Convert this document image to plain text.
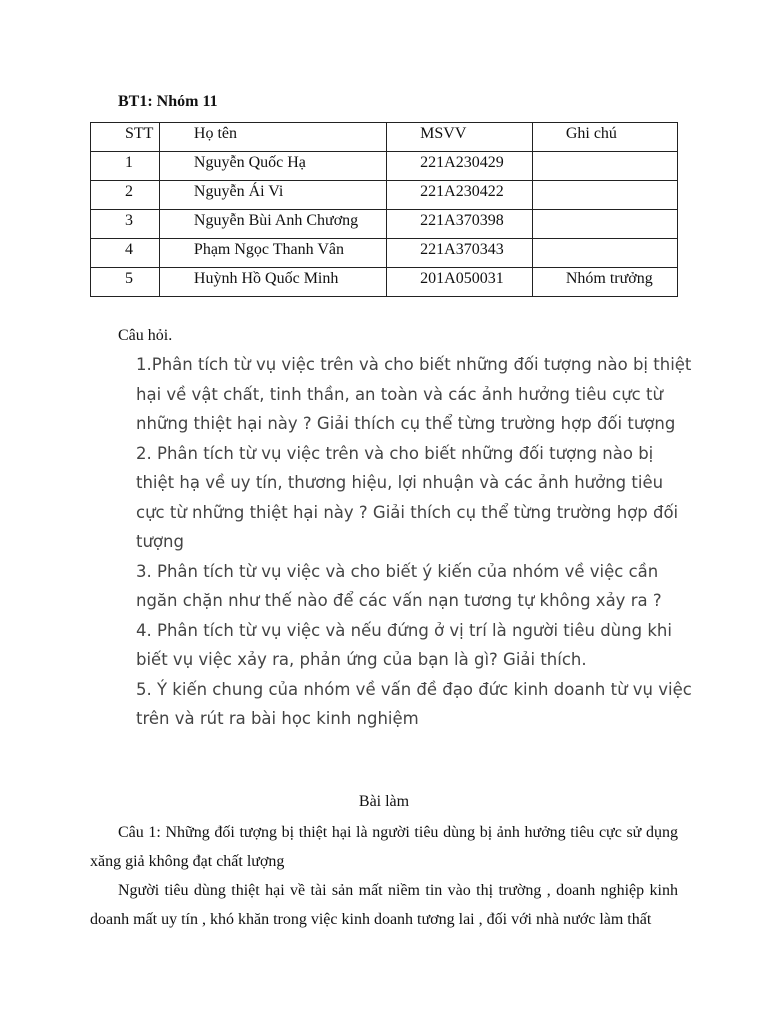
BT1: Nhóm 11
STT	Họ tên	MSVV	Ghi chú

1	Nguyễn Quốc Hạ	221A230429	

2	Nguyễn Ái Vi	221A230422	

3	Nguyễn Bùi Anh Chương	221A370398	

4	Phạm Ngọc Thanh Vân	221A370343	

5	Huỳnh Hồ Quốc Minh	201A050031	Nhóm trưởng
Câu hỏi.

1.Phân tích từ vụ việc trên và cho biết những đối tượng nào bị thiệt hại về vật chất, tinh thần, an toàn và các ảnh hưởng tiêu cực từ những thiệt hại này ? Giải thích cụ thể từng trường hợp đối tượng

2. Phân tích từ vụ việc trên và cho biết những đối tượng nào bị thiệt hạ về uy tín, thương hiệu, lợi nhuận và các ảnh hưởng tiêu cực từ những thiệt hại này ? Giải thích cụ thể từng trường hợp đối tượng

3. Phân tích từ vụ việc và cho biết ý kiến của nhóm về việc cần ngăn chặn như thế nào để các vấn nạn tương tự không xảy ra ?

4. Phân tích từ vụ việc và nếu đứng ở vị trí là người tiêu dùng khi biết vụ việc xảy ra, phản ứng của bạn là gì? Giải thích.

5. Ý kiến chung của nhóm về vấn đề đạo đức kinh doanh từ vụ việc trên và rút ra bài học kinh nghiệm

Bài làm

Câu 1: Những đối tượng bị thiệt hại là người tiêu dùng bị ảnh hưởng tiêu cực sử dụng xăng giả không đạt chất lượng

Người tiêu dùng thiệt hại về tài sản mất niềm tin vào thị trường , doanh nghiệp kinh doanh mất uy tín , khó khăn trong việc kinh doanh tương lai , đối với nhà nước làm thất
